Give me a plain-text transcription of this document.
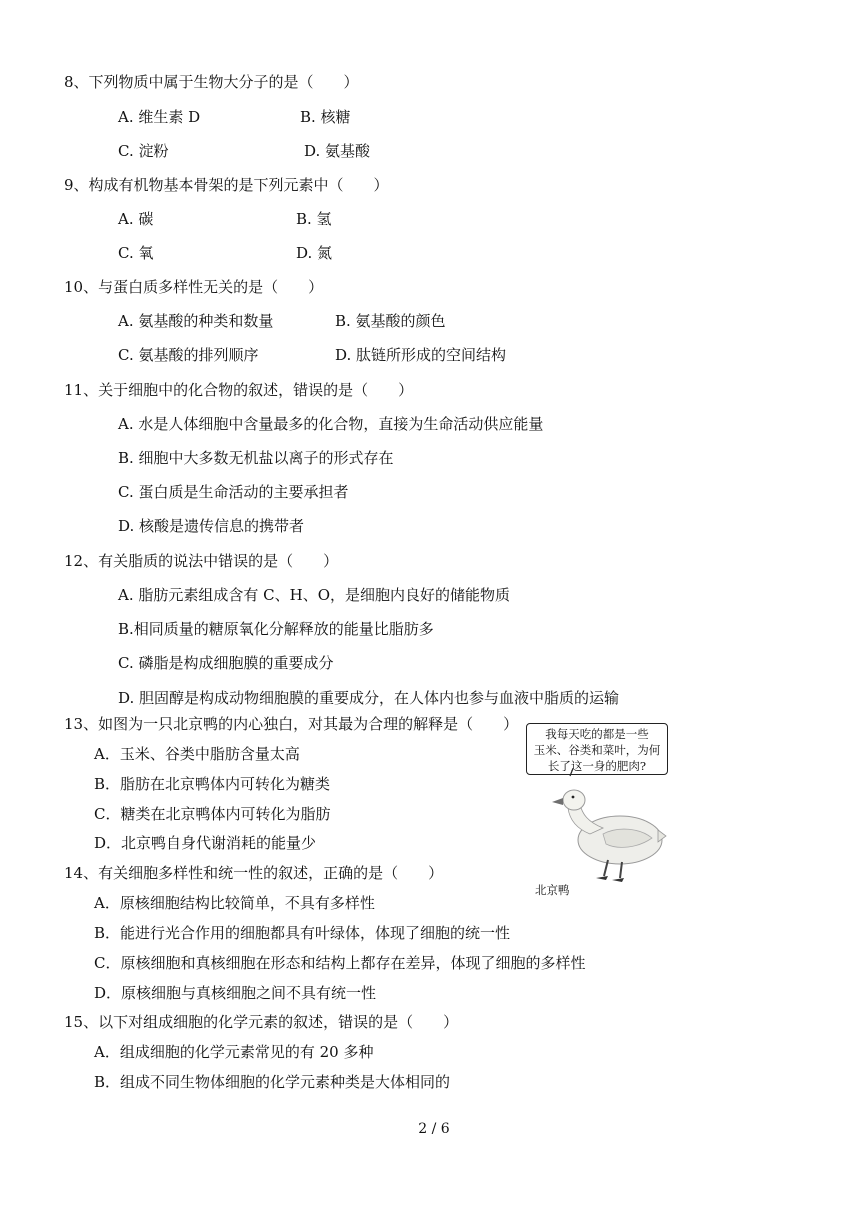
8、下列物质中属于生物大分子的是（　　）
A. 维生素 D	B. 核糖
C. 淀粉	D. 氨基酸
9、构成有机物基本骨架的是下列元素中（　　）
A. 碳	B. 氢
C. 氧	D. 氮
10、与蛋白质多样性无关的是（　　）
A. 氨基酸的种类和数量	B. 氨基酸的颜色
C. 氨基酸的排列顺序	D. 肽链所形成的空间结构
11、关于细胞中的化合物的叙述，错误的是（　　）
A. 水是人体细胞中含量最多的化合物，直接为生命活动供应能量
B. 细胞中大多数无机盐以离子的形式存在
C. 蛋白质是生命活动的主要承担者
D. 核酸是遗传信息的携带者
12、有关脂质的说法中错误的是（　　）
A. 脂肪元素组成含有 C、H、O，是细胞内良好的储能物质
B.相同质量的糖原氧化分解释放的能量比脂肪多
C. 磷脂是构成细胞膜的重要成分
D. 胆固醇是构成动物细胞膜的重要成分，在人体内也参与血液中脂质的运输
13、如图为一只北京鸭的内心独白，对其最为合理的解释是（　　）
A．玉米、谷类中脂肪含量太高
B．脂肪在北京鸭体内可转化为糖类
C．糖类在北京鸭体内可转化为脂肪
D．北京鸭自身代谢消耗的能量少
我每天吃的都是一些
玉米、谷类和菜叶，为何
长了这一身的肥肉?
北京鸭
14、有关细胞多样性和统一性的叙述，正确的是（　　）
A．原核细胞结构比较简单，不具有多样性
B．能进行光合作用的细胞都具有叶绿体，体现了细胞的统一性
C．原核细胞和真核细胞在形态和结构上都存在差异，体现了细胞的多样性
D．原核细胞与真核细胞之间不具有统一性
15、以下对组成细胞的化学元素的叙述，错误的是（　　）
A．组成细胞的化学元素常见的有 20 多种
B．组成不同生物体细胞的化学元素种类是大体相同的
2 / 6
